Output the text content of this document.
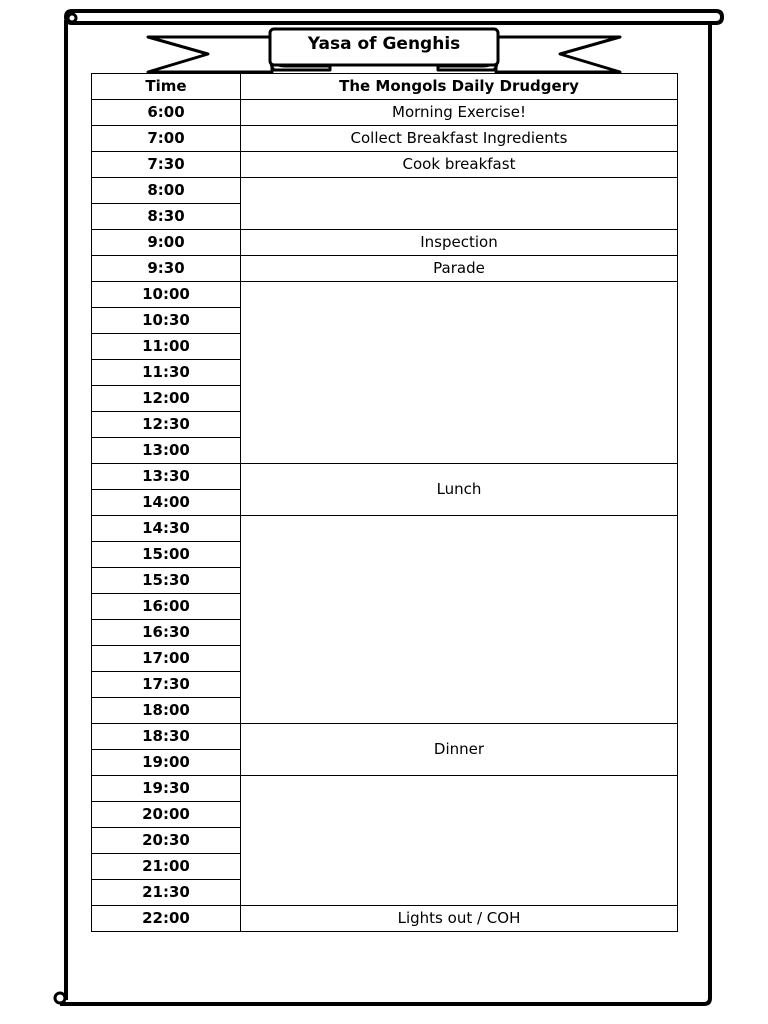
Yasa of Genghis
Time	The Mongols Daily Drudgery
6:00	Morning Exercise!
7:00	Collect Breakfast Ingredients
7:30	Cook breakfast
8:00	
8:30	
9:00	Inspection
9:30	Parade
10:00	
10:30	
11:00	
11:30	
12:00	
12:30	
13:00	
13:30	Lunch
14:00	
14:30	
15:00	
15:30	
16:00	
16:30	
17:00	
17:30	
18:00	
18:30	Dinner
19:00	
19:30	
20:00	
20:30	
21:00	
21:30	
22:00	Lights out / COH
